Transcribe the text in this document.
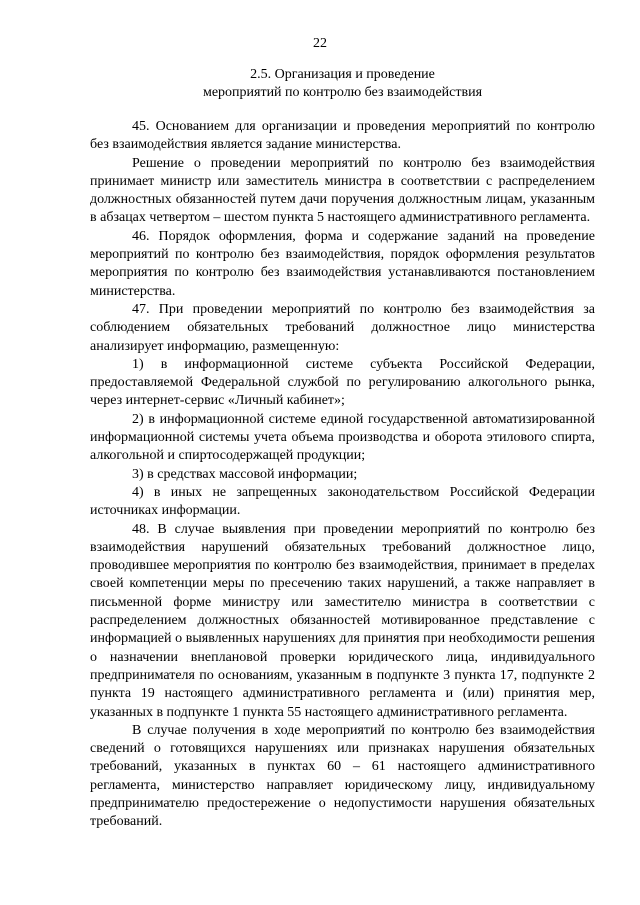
22
2.5. Организация и проведение
мероприятий по контролю без взаимодействия

45. Основанием для организации и проведения мероприятий по контролю без взаимодействия является задание министерства.

Решение о проведении мероприятий по контролю без взаимодействия принимает министр или заместитель министра в соответствии с распределением должностных обязанностей путем дачи поручения должностным лицам, указанным в абзацах четвертом – шестом пункта 5 настоящего административного регламента.

46. Порядок оформления, форма и содержание заданий на проведение мероприятий по контролю без взаимодействия, порядок оформления результатов мероприятия по контролю без взаимодействия устанавливаются постановлением министерства.

47. При проведении мероприятий по контролю без взаимодействия за соблюдением обязательных требований должностное лицо министерства анализирует информацию, размещенную:

1) в информационной системе субъекта Российской Федерации, предоставляемой Федеральной службой по регулированию алкогольного рынка, через интернет-сервис «Личный кабинет»;

2) в информационной системе единой государственной автоматизированной информационной системы учета объема производства и оборота этилового спирта, алкогольной и спиртосодержащей продукции;

3) в средствах массовой информации;

4) в иных не запрещенных законодательством Российской Федерации источниках информации.

48. В случае выявления при проведении мероприятий по контролю без взаимодействия нарушений обязательных требований должностное лицо, проводившее мероприятия по контролю без взаимодействия, принимает в пределах своей компетенции меры по пресечению таких нарушений, а также направляет в письменной форме министру или заместителю министра в соответствии с распределением должностных обязанностей мотивированное представление с информацией о выявленных нарушениях для принятия при необходимости решения о назначении внеплановой проверки юридического лица, индивидуального предпринимателя по основаниям, указанным в подпункте 3 пункта 17, подпункте 2 пункта 19 настоящего административного регламента и (или) принятия мер, указанных в подпункте 1 пункта 55 настоящего административного регламента.

В случае получения в ходе мероприятий по контролю без взаимодействия сведений о готовящихся нарушениях или признаках нарушения обязательных требований, указанных в пунктах 60 – 61 настоящего административного регламента, министерство направляет юридическому лицу, индивидуальному предпринимателю предостережение о недопустимости нарушения обязательных требований.
